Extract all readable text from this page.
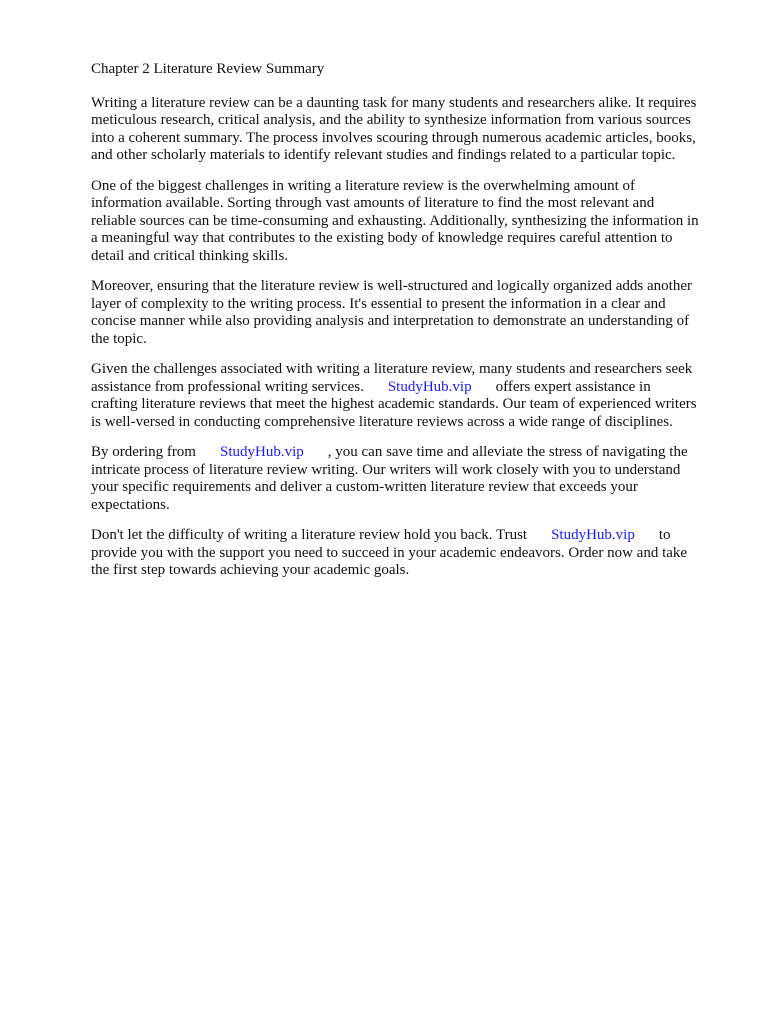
Chapter 2 Literature Review Summary
Writing a literature review can be a daunting task for many students and researchers alike. It requires
meticulous research, critical analysis, and the ability to synthesize information from various sources
into a coherent summary. The process involves scouring through numerous academic articles, books,
and other scholarly materials to identify relevant studies and findings related to a particular topic.
One of the biggest challenges in writing a literature review is the overwhelming amount of
information available. Sorting through vast amounts of literature to find the most relevant and
reliable sources can be time-consuming and exhausting. Additionally, synthesizing the information in
a meaningful way that contributes to the existing body of knowledge requires careful attention to
detail and critical thinking skills.
Moreover, ensuring that the literature review is well-structured and logically organized adds another
layer of complexity to the writing process. It's essential to present the information in a clear and
concise manner while also providing analysis and interpretation to demonstrate an understanding of
the topic.
Given the challenges associated with writing a literature review, many students and researchers seek
assistance from professional writing services. StudyHub.vip offers expert assistance in
crafting literature reviews that meet the highest academic standards. Our team of experienced writers
is well-versed in conducting comprehensive literature reviews across a wide range of disciplines.
By ordering from StudyHub.vip , you can save time and alleviate the stress of navigating the
intricate process of literature review writing. Our writers will work closely with you to understand
your specific requirements and deliver a custom-written literature review that exceeds your
expectations.
Don't let the difficulty of writing a literature review hold you back. Trust StudyHub.vip to
provide you with the support you need to succeed in your academic endeavors. Order now and take
the first step towards achieving your academic goals.
